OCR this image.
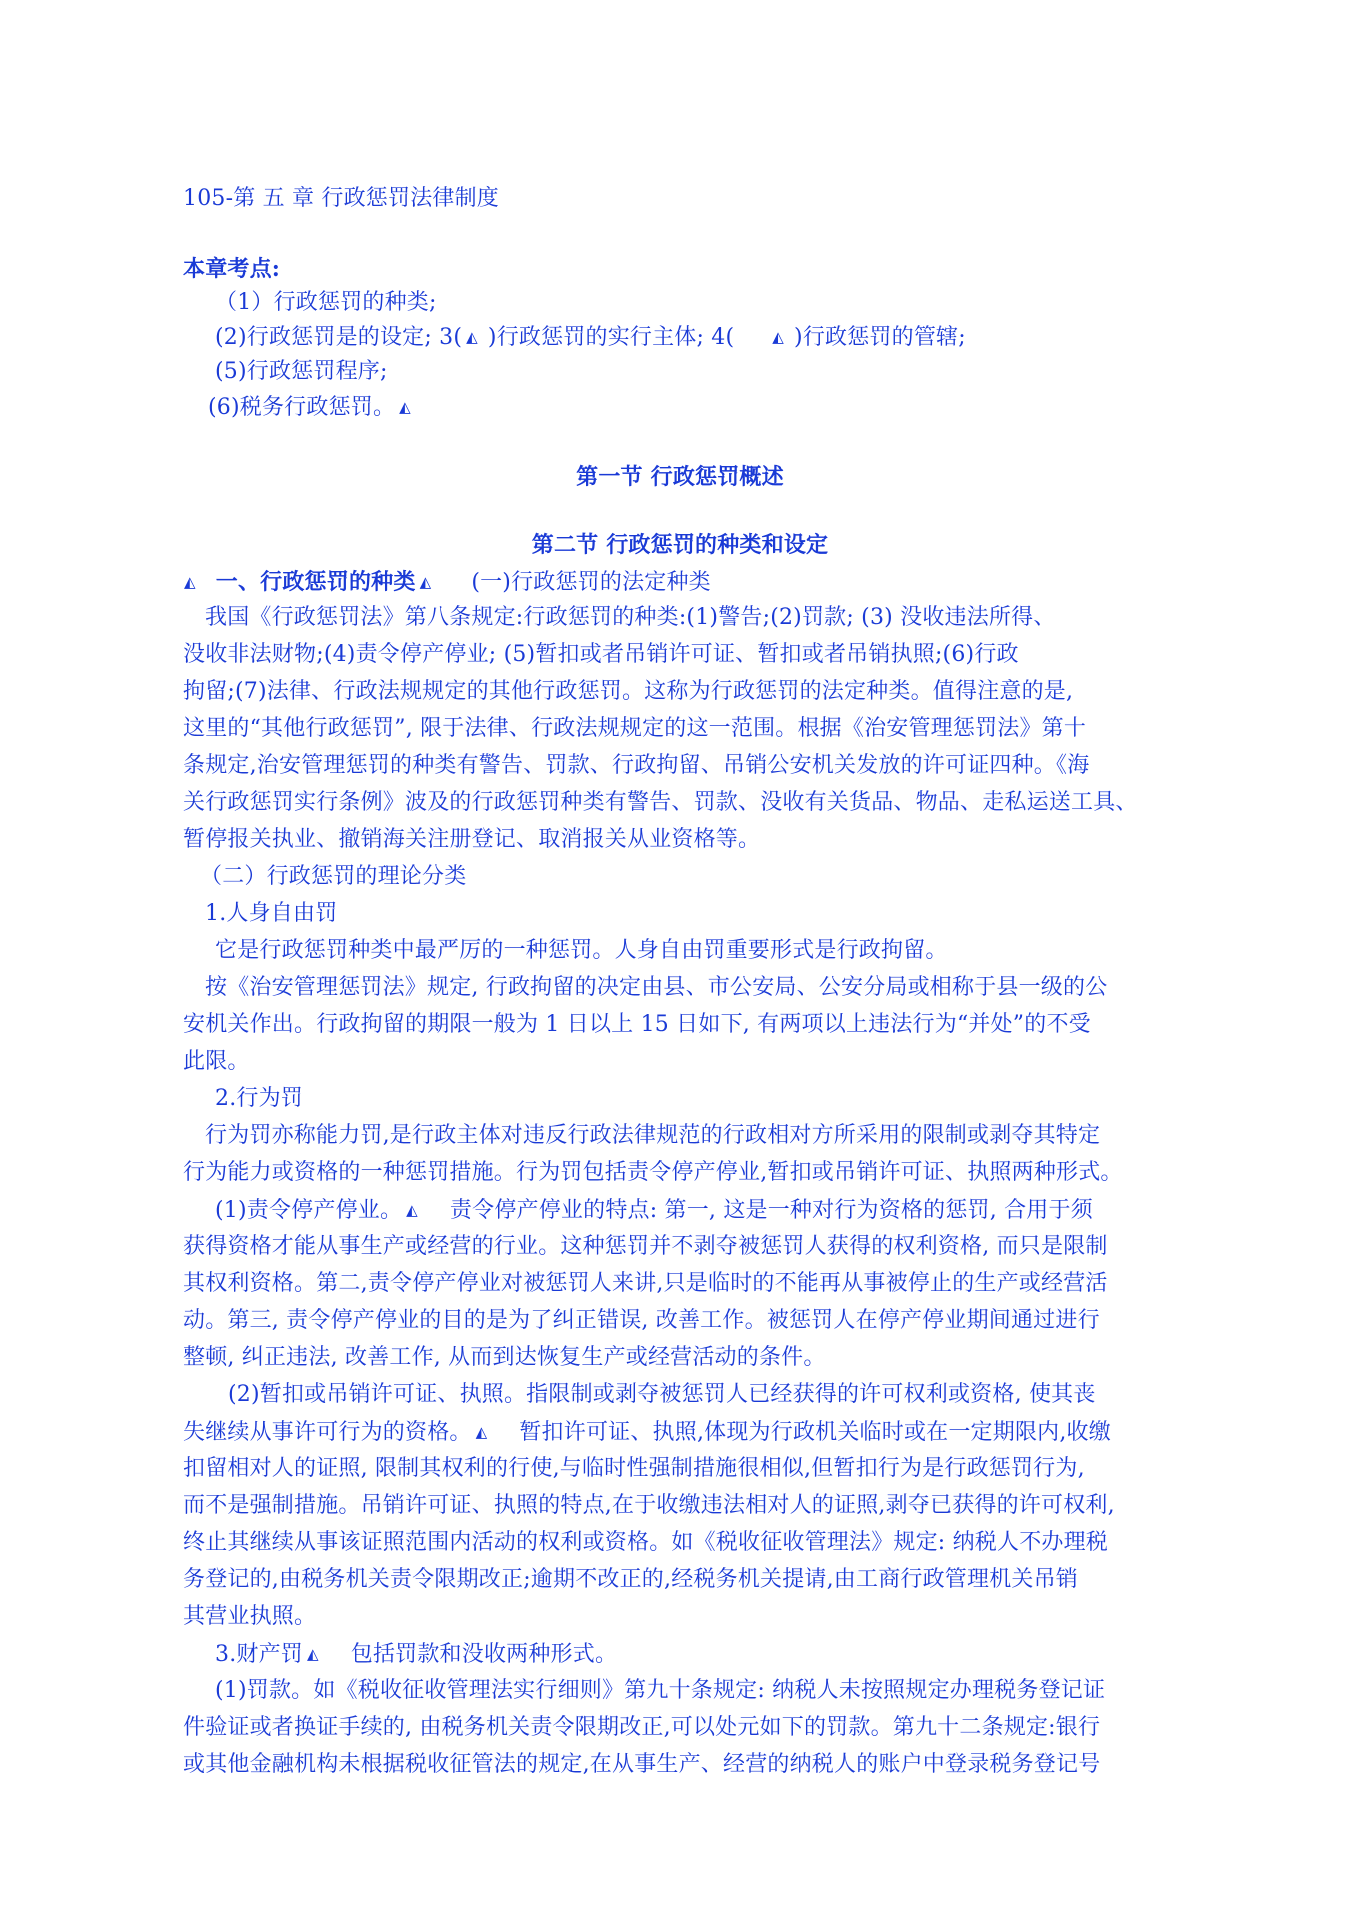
105-第 五 章 行政惩罚法律制度
本章考点:
（1）行政惩罚的种类;
(2)行政惩罚是的设定; 3( ◭ )行政惩罚的实行主体; 4(	◭ )行政惩罚的管辖;
(5)行政惩罚程序;
(6)税务行政惩罚。 ◭
第一节 行政惩罚概述
第二节 行政惩罚的种类和设定
◭ 一、行政惩罚的种类 ◭ (一)行政惩罚的法定种类
我国《行政惩罚法》第八条规定:行政惩罚的种类:(1)警告;(2)罚款; (3) 没收违法所得、
没收非法财物;(4)责令停产停业; (5)暂扣或者吊销许可证、暂扣或者吊销执照;(6)行政
拘留;(7)法律、行政法规规定的其他行政惩罚。这称为行政惩罚的法定种类。值得注意的是,
这里的“其他行政惩罚”, 限于法律、行政法规规定的这一范围。根据《治安管理惩罚法》第十
条规定,治安管理惩罚的种类有警告、罚款、行政拘留、吊销公安机关发放的许可证四种。《海
关行政惩罚实行条例》波及的行政惩罚种类有警告、罚款、没收有关货品、物品、走私运送工具、
暂停报关执业、撤销海关注册登记、取消报关从业资格等。
（二）行政惩罚的理论分类
1.人身自由罚
它是行政惩罚种类中最严厉的一种惩罚。人身自由罚重要形式是行政拘留。
按《治安管理惩罚法》规定, 行政拘留的决定由县、市公安局、公安分局或相称于县一级的公
安机关作出。行政拘留的期限一般为 1 日以上 15 日如下, 有两项以上违法行为“并处”的不受
此限。
2.行为罚
行为罚亦称能力罚,是行政主体对违反行政法律规范的行政相对方所采用的限制或剥夺其特定
行为能力或资格的一种惩罚措施。行为罚包括责令停产停业,暂扣或吊销许可证、执照两种形式。
(1)责令停产停业。 ◭ 责令停产停业的特点: 第一, 这是一种对行为资格的惩罚, 合用于须
获得资格才能从事生产或经营的行业。这种惩罚并不剥夺被惩罚人获得的权利资格, 而只是限制
其权利资格。第二,责令停产停业对被惩罚人来讲,只是临时的不能再从事被停止的生产或经营活
动。第三, 责令停产停业的目的是为了纠正错误, 改善工作。被惩罚人在停产停业期间通过进行
整顿, 纠正违法, 改善工作, 从而到达恢复生产或经营活动的条件。
(2)暂扣或吊销许可证、执照。指限制或剥夺被惩罚人已经获得的许可权利或资格, 使其丧
失继续从事许可行为的资格。 ◭ 暂扣许可证、执照,体现为行政机关临时或在一定期限内,收缴
扣留相对人的证照, 限制其权利的行使,与临时性强制措施很相似,但暂扣行为是行政惩罚行为,
而不是强制措施。吊销许可证、执照的特点,在于收缴违法相对人的证照,剥夺已获得的许可权利,
终止其继续从事该证照范围内活动的权利或资格。如《税收征收管理法》规定: 纳税人不办理税
务登记的,由税务机关责令限期改正;逾期不改正的,经税务机关提请,由工商行政管理机关吊销
其营业执照。
3.财产罚 ◭ 包括罚款和没收两种形式。
(1)罚款。如《税收征收管理法实行细则》第九十条规定: 纳税人未按照规定办理税务登记证
件验证或者换证手续的, 由税务机关责令限期改正,可以处元如下的罚款。第九十二条规定:银行
或其他金融机构未根据税收征管法的规定,在从事生产、经营的纳税人的账户中登录税务登记号
